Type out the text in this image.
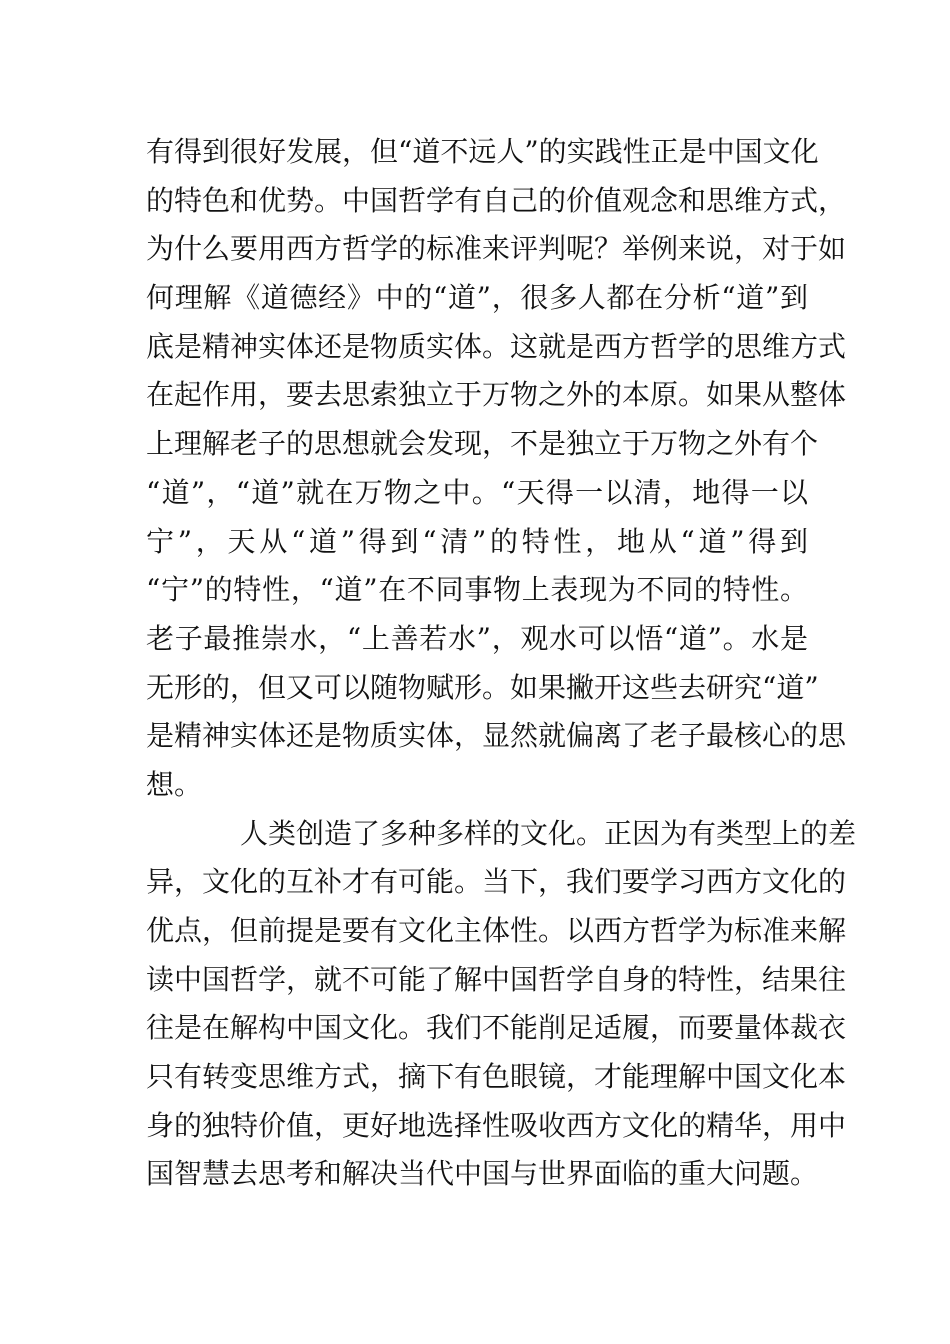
有得到很好发展，但“道不远人”的实践性正是中国文化
的特色和优势。中国哲学有自己的价值观念和思维方式，
为什么要用西方哲学的标准来评判呢？举例来说，对于如
何理解《道德经》中的“道”，很多人都在分析“道”到
底是精神实体还是物质实体。这就是西方哲学的思维方式
在起作用，要去思索独立于万物之外的本原。如果从整体
上理解老子的思想就会发现，不是独立于万物之外有个
“道”，“道”就在万物之中。“天得一以清，地得一以
宁”，天从“道”得到“清”的特性，地从“道”得到
“宁”的特性，“道”在不同事物上表现为不同的特性。
老子最推崇水，“上善若水”，观水可以悟“道”。水是
无形的，但又可以随物赋形。如果撇开这些去研究“道”
是精神实体还是物质实体，显然就偏离了老子最核心的思
想。
人类创造了多种多样的文化。正因为有类型上的差
异，文化的互补才有可能。当下，我们要学习西方文化的
优点，但前提是要有文化主体性。以西方哲学为标准来解
读中国哲学，就不可能了解中国哲学自身的特性，结果往
往是在解构中国文化。我们不能削足适履，而要量体裁衣
只有转变思维方式，摘下有色眼镜，才能理解中国文化本
身的独特价值，更好地选择性吸收西方文化的精华，用中
国智慧去思考和解决当代中国与世界面临的重大问题。
